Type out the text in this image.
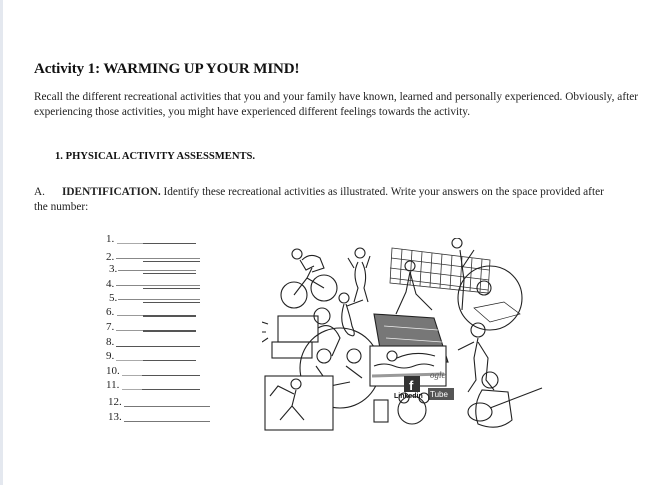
Activity 1: WARMING UP YOUR MIND!
Recall the different recreational activities that you and your family have known, learned and personally experienced. Obviously, after experiencing those activities, you might have experienced different feelings towards the activity.
1. PHYSICAL ACTIVITY ASSESSMENTS.
A. IDENTIFICATION. Identify these recreational activities as illustrated. Write your answers on the space provided after the number:
1.
2.
3.
4.
5.
6.
7.
8.
9.
10.
11.
12.
13.
f
Linkedin Tube
ogle
